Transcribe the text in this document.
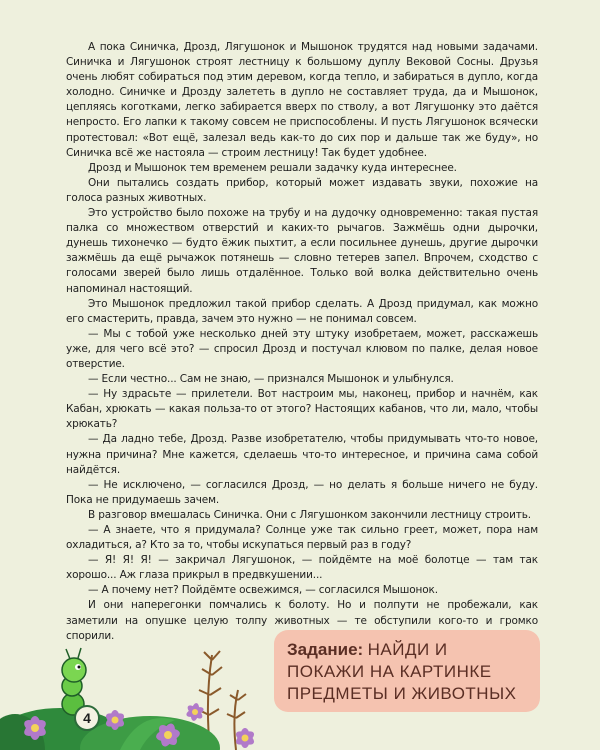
А пока Синичка, Дрозд, Лягушонок и Мышонок трудятся над новыми задачами. Синичка и Лягушонок строят лестницу к большому дуплу Вековой Сосны. Друзья очень любят собираться под этим деревом, когда тепло, и забираться в дупло, когда холодно. Синичке и Дрозду залететь в дупло не составляет труда, да и Мышонок, цепляясь коготками, легко забирается вверх по стволу, а вот Лягушонку это даётся непросто. Его лапки к такому совсем не приспособлены. И пусть Лягушонок всячески протестовал: «Вот ещё, залезал ведь как-то до сих пор и дальше так же буду», но Синичка всё же настояла — строим лестницу! Так будет удобнее.

Дрозд и Мышонок тем временем решали задачку куда интереснее.

Они пытались создать прибор, который может издавать звуки, похожие на голоса разных животных.

Это устройство было похоже на трубу и на дудочку одновременно: такая пустая палка со множеством отверстий и каких-то рычагов. Зажмёшь одни дырочки, дунешь тихонечко — будто ёжик пыхтит, а если посильнее дунешь, другие дырочки зажмёшь да ещё рычажок потянешь — словно тетерев запел. Впрочем, сходство с голосами зверей было лишь отдалённое. Только вой волка действительно очень напоминал настоящий.

Это Мышонок предложил такой прибор сделать. А Дрозд придумал, как можно его смастерить, правда, зачем это нужно — не понимал совсем.

— Мы с тобой уже несколько дней эту штуку изобретаем, может, расскажешь уже, для чего всё это? — спросил Дрозд и постучал клювом по палке, делая новое отверстие.

— Если честно... Сам не знаю, — признался Мышонок и улыбнулся.

— Ну здрасьте — прилетели. Вот настроим мы, наконец, прибор и начнём, как Кабан, хрюкать — какая польза-то от этого? Настоящих кабанов, что ли, мало, чтобы хрюкать?

— Да ладно тебе, Дрозд. Разве изобретателю, чтобы придумывать что-то новое, нужна причина? Мне кажется, сделаешь что-то интересное, и причина сама собой найдётся.

— Не исключено, — согласился Дрозд, — но делать я больше ничего не буду. Пока не придумаешь зачем.

В разговор вмешалась Синичка. Они с Лягушонком закончили лестницу строить.

— А знаете, что я придумала? Солнце уже так сильно греет, может, пора нам охладиться, а? Кто за то, чтобы искупаться первый раз в году?

— Я! Я! Я! — закричал Лягушонок, — пойдёмте на моё болотце — там так хорошо... Аж глаза прикрыл в предвкушении...

— А почему нет? Пойдёмте освежимся, — согласился Мышонок.

И они наперегонки помчались к болоту. Но и полпути не пробежали, как заметили на опушке целую толпу животных — те обступили кого-то и громко спорили.

4
Задание: НАЙДИ И ПОКАЖИ НА КАРТИНКЕ ПРЕДМЕТЫ И ЖИВОТНЫХ
